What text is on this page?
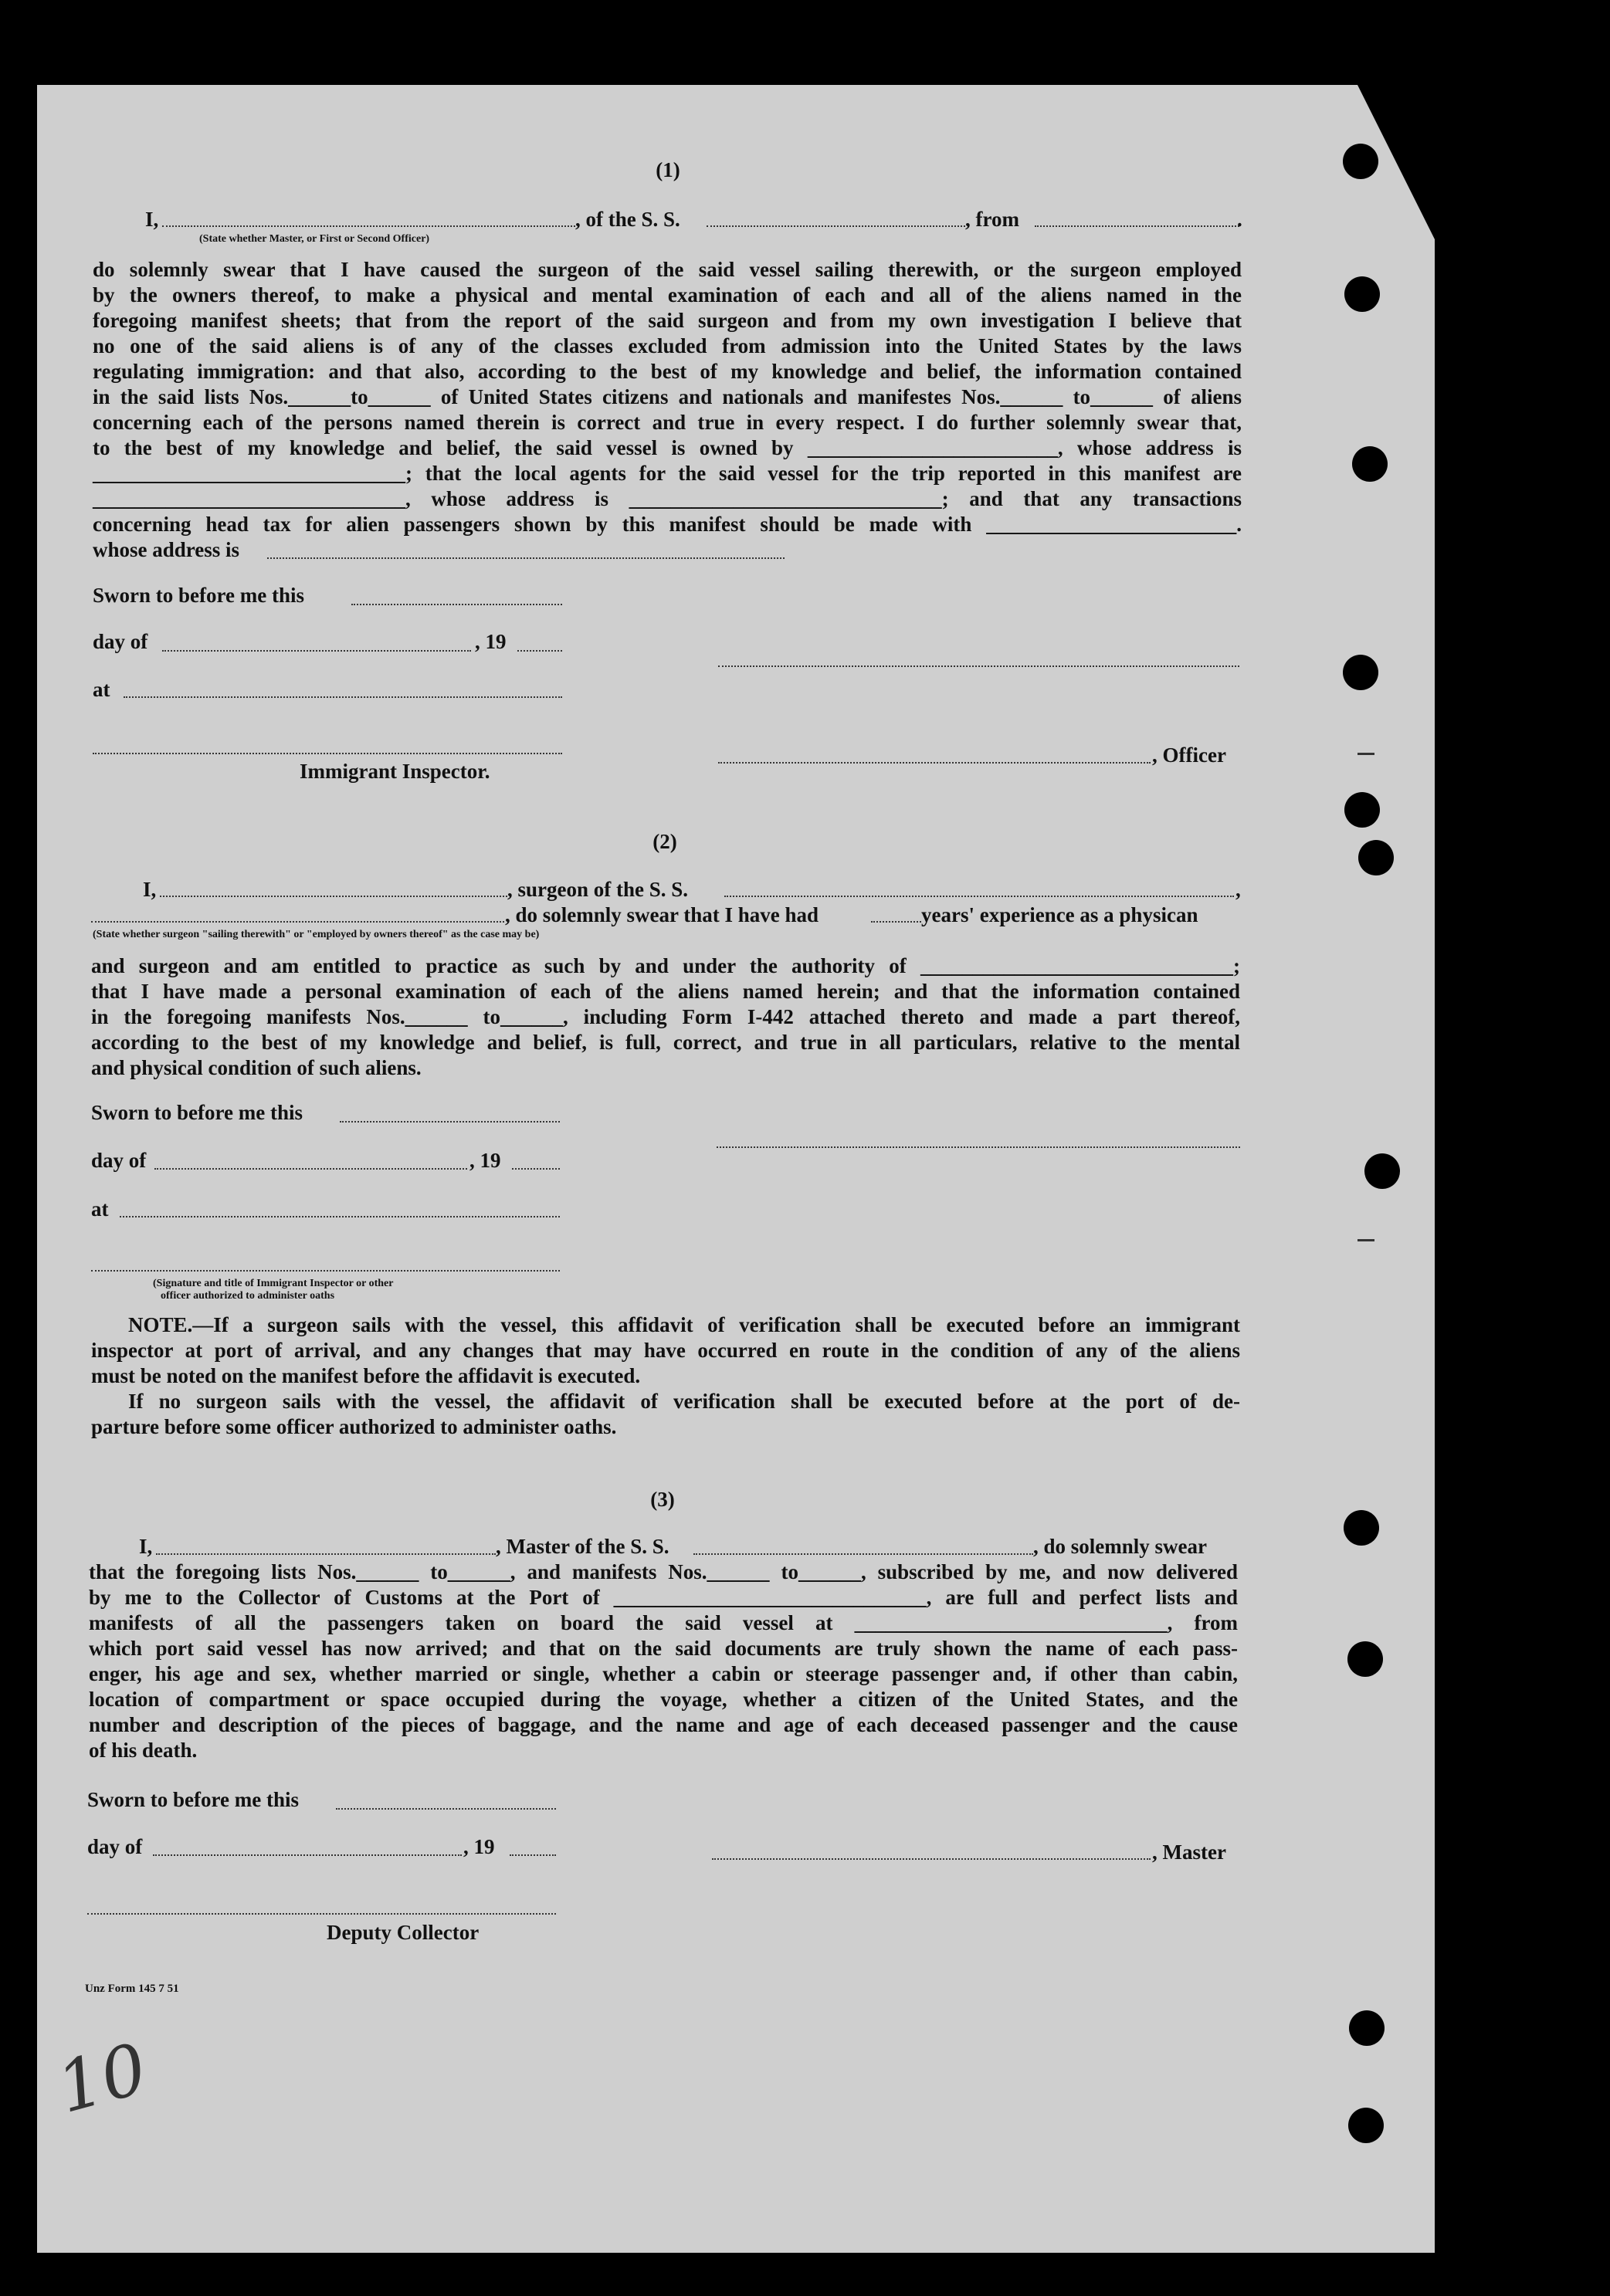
(1)
I,	, of the S. S.	, from	.
(State whether Master, or First or Second Officer)
do solemnly swear that I have caused the surgeon of the said vessel sailing therewith, or the surgeon employed
by the owners thereof, to make a physical and mental examination of each and all of the aliens named in the
foregoing manifest sheets; that from the report of the said surgeon and from my own investigation I believe that
no one of the said aliens is of any of the classes excluded from admission into the United States by the laws
regulating immigration: and that also, according to the best of my knowledge and belief, the information contained
in the said lists Nos.______to______ of United States citizens and nationals and manifestes Nos.______ to______ of aliens
concerning each of the persons named therein is correct and true in every respect. I do further solemnly swear that,
to the best of my knowledge and belief, the said vessel is owned by ________________________, whose address is
______________________________; that the local agents for the said vessel for the trip reported in this manifest are
______________________________, whose address is ______________________________; and that any transactions
concerning head tax for alien passengers shown by this manifest should be made with ________________________.
whose address is
Sworn to before me this
day of	, 19
at
, Officer
Immigrant Inspector.
(2)
I,	, surgeon of the S. S.	,
, do solemnly swear that I have had	years' experience as a physican
(State whether surgeon "sailing therewith" or "employed by owners thereof" as the case may be)
and surgeon and am entitled to practice as such by and under the authority of ______________________________;
that I have made a personal examination of each of the aliens named herein; and that the information contained
in the foregoing manifests Nos.______ to______, including Form I-442 attached thereto and made a part thereof,
according to the best of my knowledge and belief, is full, correct, and true in all particulars, relative to the mental
and physical condition of such aliens.
Sworn to before me this
day of	, 19
at
(Signature and title of Immigrant Inspector or other
officer authorized to administer oaths
NOTE.—If a surgeon sails with the vessel, this affidavit of verification shall be executed before an immigrant
inspector at port of arrival, and any changes that may have occurred en route in the condition of any of the aliens
must be noted on the manifest before the affidavit is executed.
If no surgeon sails with the vessel, the affidavit of verification shall be executed before at the port of de-
parture before some officer authorized to administer oaths.
(3)
I,	, Master of the S. S.	, do solemnly swear
that the foregoing lists Nos.______ to______, and manifests Nos.______ to______, subscribed by me, and now delivered
by me to the Collector of Customs at the Port of ______________________________, are full and perfect lists and
manifests of all the passengers taken on board the said vessel at ______________________________, from
which port said vessel has now arrived; and that on the said documents are truly shown the name of each pass-
enger, his age and sex, whether married or single, whether a cabin or steerage passenger and, if other than cabin,
location of compartment or space occupied during the voyage, whether a citizen of the United States, and the
number and description of the pieces of baggage, and the name and age of each deceased passenger and the cause
of his death.
Sworn to before me this
day of	, 19	, Master
Deputy Collector
Unz Form 145 7 51
10
